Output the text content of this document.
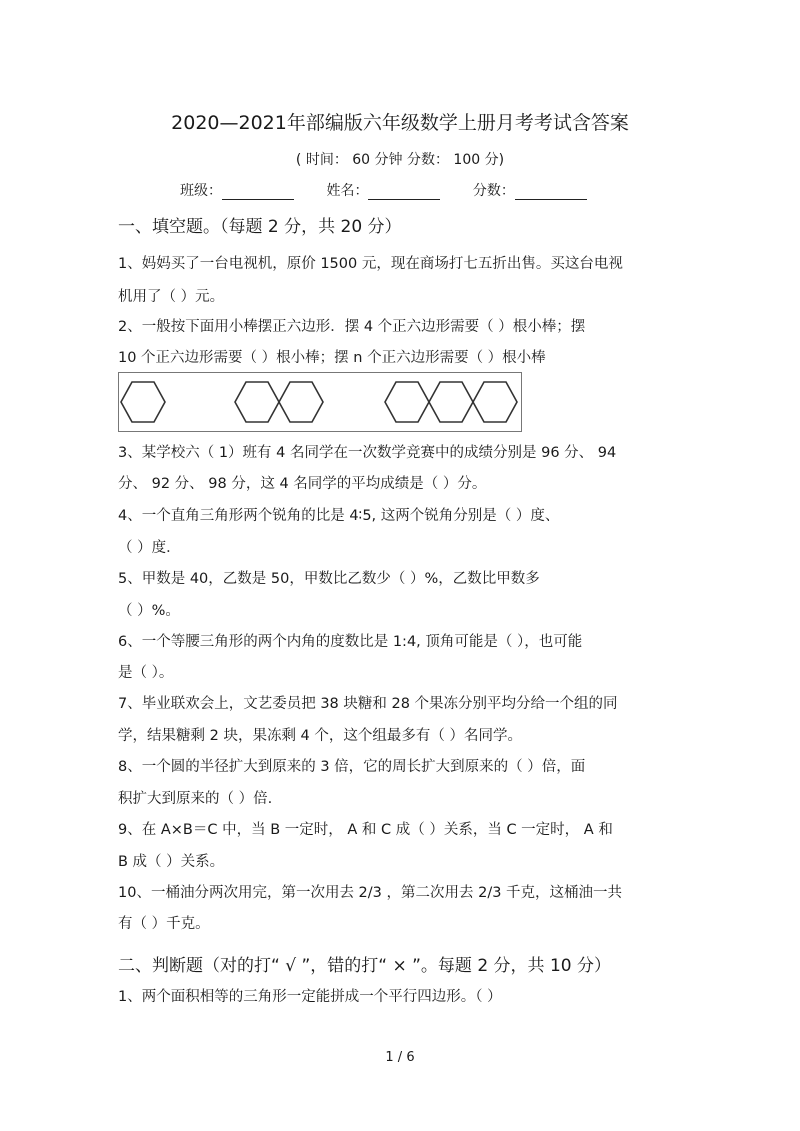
2020—2021年部编版六年级数学上册月考考试含答案
( 时间： 60 分钟 分数： 100 分)
班级：	姓名：	分数：
一、填空题。（每题 2 分，共 20 分）
1、妈妈买了一台电视机，原价 1500 元，现在商场打七五折出售。买这台电视
机用了（ ）元。
2、一般按下面用小棒摆正六边形．摆 4 个正六边形需要（ ）根小棒；摆
10 个正六边形需要（ ）根小棒；摆 n 个正六边形需要（ ）根小棒
3、某学校六（ 1）班有 4 名同学在一次数学竞赛中的成绩分别是 96 分、 94
分、 92 分、 98 分，这 4 名同学的平均成绩是（ ）分。
4、一个直角三角形两个锐角的比是 4∶5, 这两个锐角分别是（ ）度、
（ ）度．
5、甲数是 40，乙数是 50，甲数比乙数少（ ）%，乙数比甲数多
（ ）%。
6、一个等腰三角形的两个内角的度数比是 1:4, 顶角可能是（ ），也可能
是（ ）。
7、毕业联欢会上，文艺委员把 38 块糖和 28 个果冻分别平均分给一个组的同
学，结果糖剩 2 块，果冻剩 4 个，这个组最多有（ ）名同学。
8、一个圆的半径扩大到原来的 3 倍，它的周长扩大到原来的（ ）倍，面
积扩大到原来的（ ）倍.
9、在 A×B＝C 中，当 B 一定时， A 和 C 成（ ）关系，当 C 一定时， A 和
B 成（ ）关系。
10、一桶油分两次用完，第一次用去 2/3 ，第二次用去 2/3 千克，这桶油一共
有（ ）千克。
二、判断题（对的打“ √ ”，错的打“ × ”。每题 2 分，共 10 分）
1、两个面积相等的三角形一定能拼成一个平行四边形。（ ）
1 / 6
